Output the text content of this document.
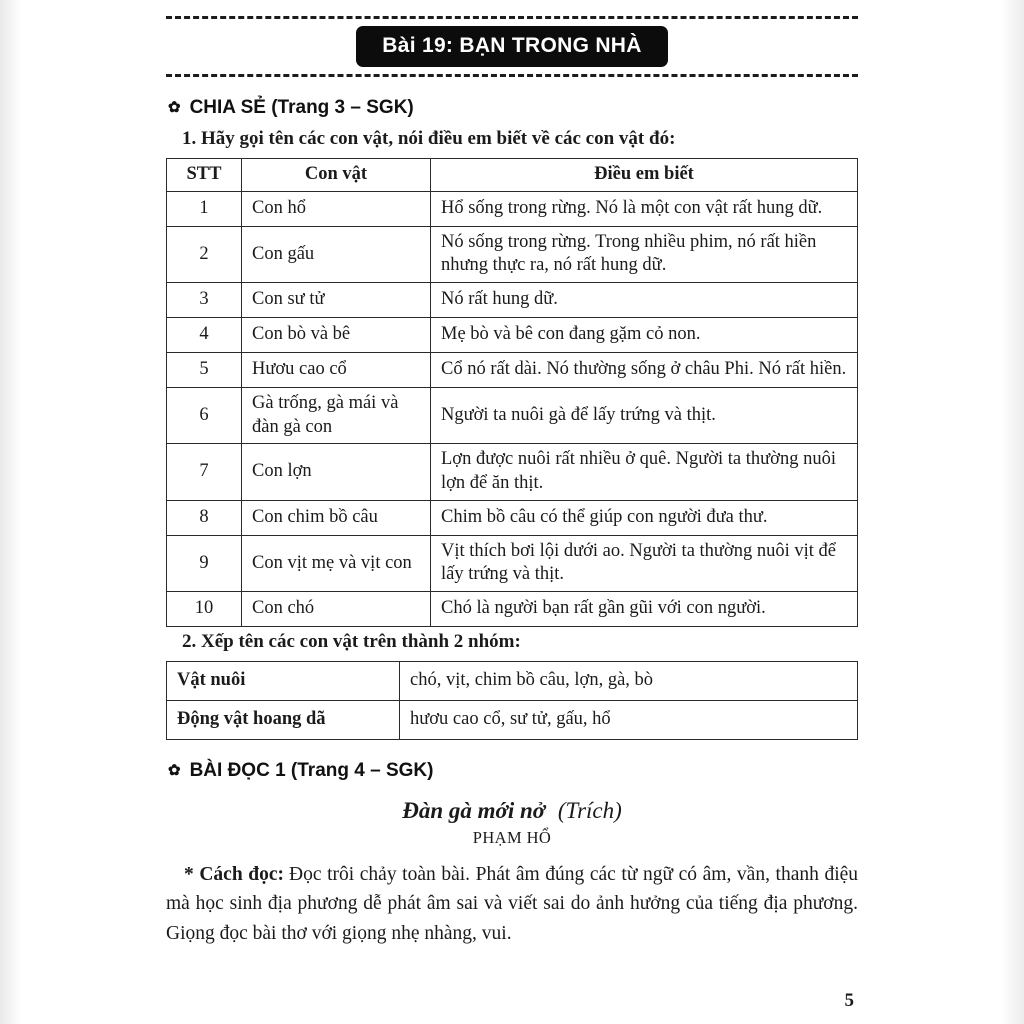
Bài 19: BẠN TRONG NHÀ
✿ CHIA SẺ (Trang 3 – SGK)

1. Hãy gọi tên các con vật, nói điều em biết về các con vật đó:

STT	Con vật	Điều em biết
1	Con hổ	Hổ sống trong rừng. Nó là một con vật rất hung dữ.
2	Con gấu	Nó sống trong rừng. Trong nhiều phim, nó rất hiền nhưng thực ra, nó rất hung dữ.
3	Con sư tử	Nó rất hung dữ.
4	Con bò và bê	Mẹ bò và bê con đang gặm cỏ non.
5	Hươu cao cổ	Cổ nó rất dài. Nó thường sống ở châu Phi. Nó rất hiền.
6	Gà trống, gà mái và đàn gà con	Người ta nuôi gà để lấy trứng và thịt.
7	Con lợn	Lợn được nuôi rất nhiều ở quê. Người ta thường nuôi lợn để ăn thịt.
8	Con chim bồ câu	Chim bồ câu có thể giúp con người đưa thư.
9	Con vịt mẹ và vịt con	Vịt thích bơi lội dưới ao. Người ta thường nuôi vịt để lấy trứng và thịt.
10	Con chó	Chó là người bạn rất gần gũi với con người.

2. Xếp tên các con vật trên thành 2 nhóm:

Vật nuôi	chó, vịt, chim bồ câu, lợn, gà, bò
Động vật hoang dã	hươu cao cổ, sư tử, gấu, hổ
✿ BÀI ĐỌC 1 (Trang 4 – SGK)

Đàn gà mới nở (Trích)

PHẠM HỔ

* Cách đọc: Đọc trôi chảy toàn bài. Phát âm đúng các từ ngữ có âm, vần, thanh điệu mà học sinh địa phương dễ phát âm sai và viết sai do ảnh hưởng của tiếng địa phương. Giọng đọc bài thơ với giọng nhẹ nhàng, vui.

5
